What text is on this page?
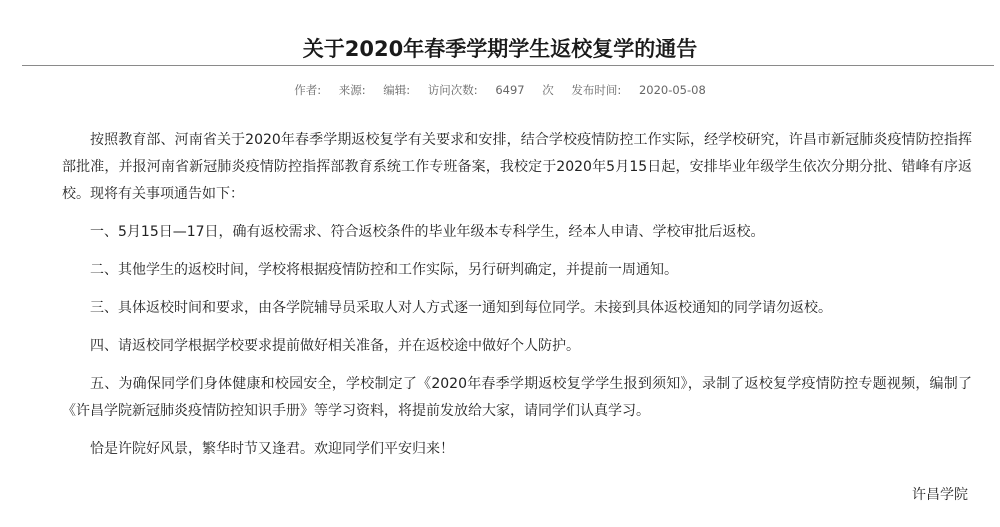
关于2020年春季学期学生返校复学的通告
作者: 来源: 编辑: 访问次数: 6497 次 发布时间: 2020-05-08

按照教育部、河南省关于2020年春季学期返校复学有关要求和安排，结合学校疫情防控工作实际，经学校研究，许昌市新冠肺炎疫情防控指挥部批准，并报河南省新冠肺炎疫情防控指挥部教育系统工作专班备案，我校定于2020年5月15日起，安排毕业年级学生依次分期分批、错峰有序返校。现将有关事项通告如下：

一、5月15日—17日，确有返校需求、符合返校条件的毕业年级本专科学生，经本人申请、学校审批后返校。

二、其他学生的返校时间，学校将根据疫情防控和工作实际，另行研判确定，并提前一周通知。

三、具体返校时间和要求，由各学院辅导员采取人对人方式逐一通知到每位同学。未接到具体返校通知的同学请勿返校。

四、请返校同学根据学校要求提前做好相关准备，并在返校途中做好个人防护。

五、为确保同学们身体健康和校园安全，学校制定了《2020年春季学期返校复学学生报到须知》，录制了返校复学疫情防控专题视频，编制了《许昌学院新冠肺炎疫情防控知识手册》等学习资料，将提前发放给大家，请同学们认真学习。

恰是许院好风景，繁华时节又逢君。欢迎同学们平安归来！

许昌学院
